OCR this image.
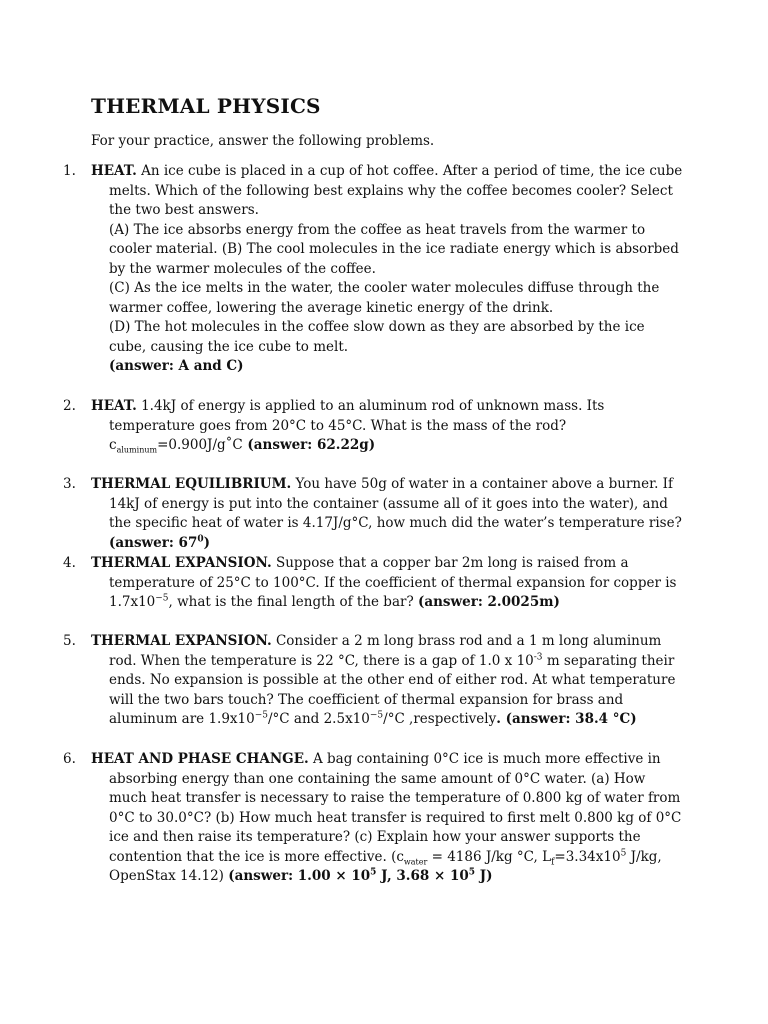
THERMAL PHYSICS
For your practice, answer the following problems.
1. HEAT. An ice cube is placed in a cup of hot coffee. After a period of time, the ice cube melts. Which of the following best explains why the coffee becomes cooler? Select the two best answers.
(A) The ice absorbs energy from the coffee as heat travels from the warmer to cooler material. (B) The cool molecules in the ice radiate energy which is absorbed by the warmer molecules of the coffee.
(C) As the ice melts in the water, the cooler water molecules diffuse through the warmer coffee, lowering the average kinetic energy of the drink.
(D) The hot molecules in the coffee slow down as they are absorbed by the ice cube, causing the ice cube to melt.
(answer: A and C)
2. HEAT. 1.4kJ of energy is applied to an aluminum rod of unknown mass. Its temperature goes from 20°C to 45°C. What is the mass of the rod? $c_{aluminum}=0.900J/g˚C$ (answer: 62.22g)
3. THERMAL EQUILIBRIUM. You have 50g of water in a container above a burner. If 14kJ of energy is put into the container (assume all of it goes into the water), and the specific heat of water is 4.17J/g°C, how much did the water’s temperature rise? (answer: $67^0$)
4. THERMAL EXPANSION. Suppose that a copper bar 2m long is raised from a temperature of 25°C to 100°C. If the coefficient of thermal expansion for copper is $1.7x10^{-5}$, what is the final length of the bar? (answer: 2.0025m)
5. THERMAL EXPANSION. Consider a 2 m long brass rod and a 1 m long aluminum rod. When the temperature is 22 °C, there is a gap of 1.0 x $10^{-3}$ m separating their ends. No expansion is possible at the other end of either rod. At what temperature will the two bars touch? The coefficient of thermal expansion for brass and aluminum are $1.9x10^{-5}/^\circ C$ and $2.5x10^{-5}/^\circ C$ ,respectively. (answer: 38.4 °C)
6. HEAT AND PHASE CHANGE. A bag containing 0°C ice is much more effective in absorbing energy than one containing the same amount of 0°C water. (a) How much heat transfer is necessary to raise the temperature of 0.800 kg of water from 0°C to 30.0°C? (b) How much heat transfer is required to first melt 0.800 kg of 0°C ice and then raise its temperature? (c) Explain how your answer supports the contention that the ice is more effective. ($c_{water} = 4186$ J/kg °C, $L_f=3.34x10^5$ J/kg, OpenStax 14.12) (answer: $1.00 \times 10^5$ J, $3.68 \times 10^5$ J)
